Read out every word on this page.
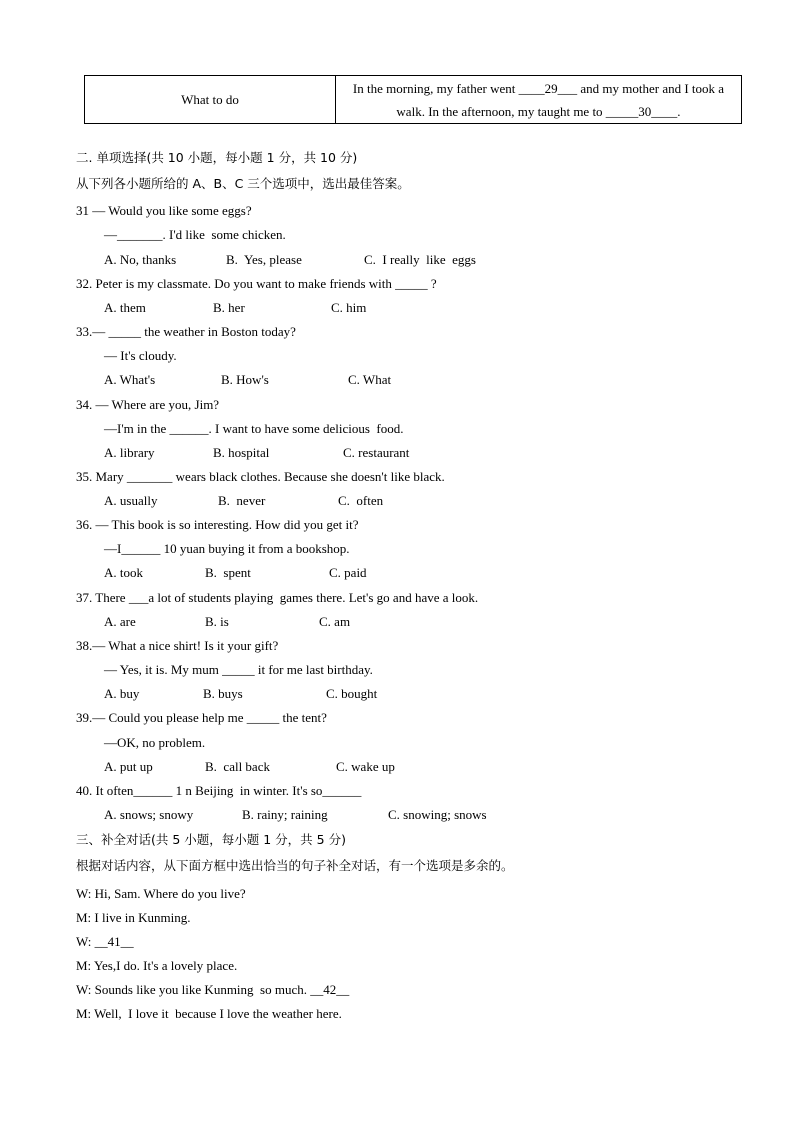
What to do
In the morning, my father went ____29___ and my mother and I took a
walk. In the afternoon, my taught me to _____30____.
二. 单项选择(共 10 小题，每小题 1 分，共 10 分)
从下列各小题所给的 A、B、C 三个选项中，选出最佳答案。
31 — Would you like some eggs?
—_______. I'd like  some chicken.
A. No, thanks	B.  Yes, please	C.  I really  like  eggs
32. Peter is my classmate. Do you want to make friends with _____ ?
A. them	B. her	C. him
33.— _____ the weather in Boston today?
— It's cloudy.
A. What's	B. How's	C. What
34. — Where are you, Jim?
—I'm in the ______. I want to have some delicious  food.
A. library	B. hospital	C. restaurant
35. Mary _______ wears black clothes. Because she doesn't like black.
A. usually	B.  never	C.  often
36. — This book is so interesting. How did you get it?
—I______ 10 yuan buying it from a bookshop.
A. took	B.  spent	C. paid
37. There ___a lot of students playing  games there. Let's go and have a look.
A. are	B. is	C. am
38.— What a nice shirt! Is it your gift?
— Yes, it is. My mum _____ it for me last birthday.
A. buy	B. buys	C. bought
39.— Could you please help me _____ the tent?
—OK, no problem.
A. put up	B.  call back	C. wake up
40. It often______ 1 n Beijing  in winter. It's so______
A. snows; snowy	B. rainy; raining	C. snowing; snows
三、补全对话(共 5 小题，每小题 1 分，共 5 分)
根据对话内容，从下面方框中选出恰当的句子补全对话，有一个选项是多余的。
W: Hi, Sam. Where do you live?
M: I live in Kunming.
W: __41__
M: Yes,I do. It's a lovely place.
W: Sounds like you like Kunming  so much. __42__
M: Well,  I love it  because I love the weather here.
